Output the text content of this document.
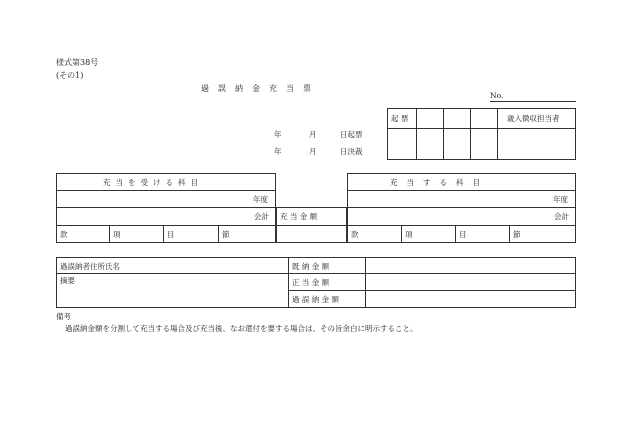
様式第38号
(その1)
過誤納金充当票
No.
起 票	歳入徴収担当者
年	月	日起票
年	月	日決裁
充当を受ける科目
年度
会計
款	項	目	節
充 当 金 額
充当する科目
年度
会計
款	項	目	節
過誤納者住所氏名
摘要
既 納 金 額
正 当 金 額
過 誤 納 金 額
備考
過誤納金額を分割して充当する場合及び充当後、なお還付を要する場合は、その旨余白に明示すること。
